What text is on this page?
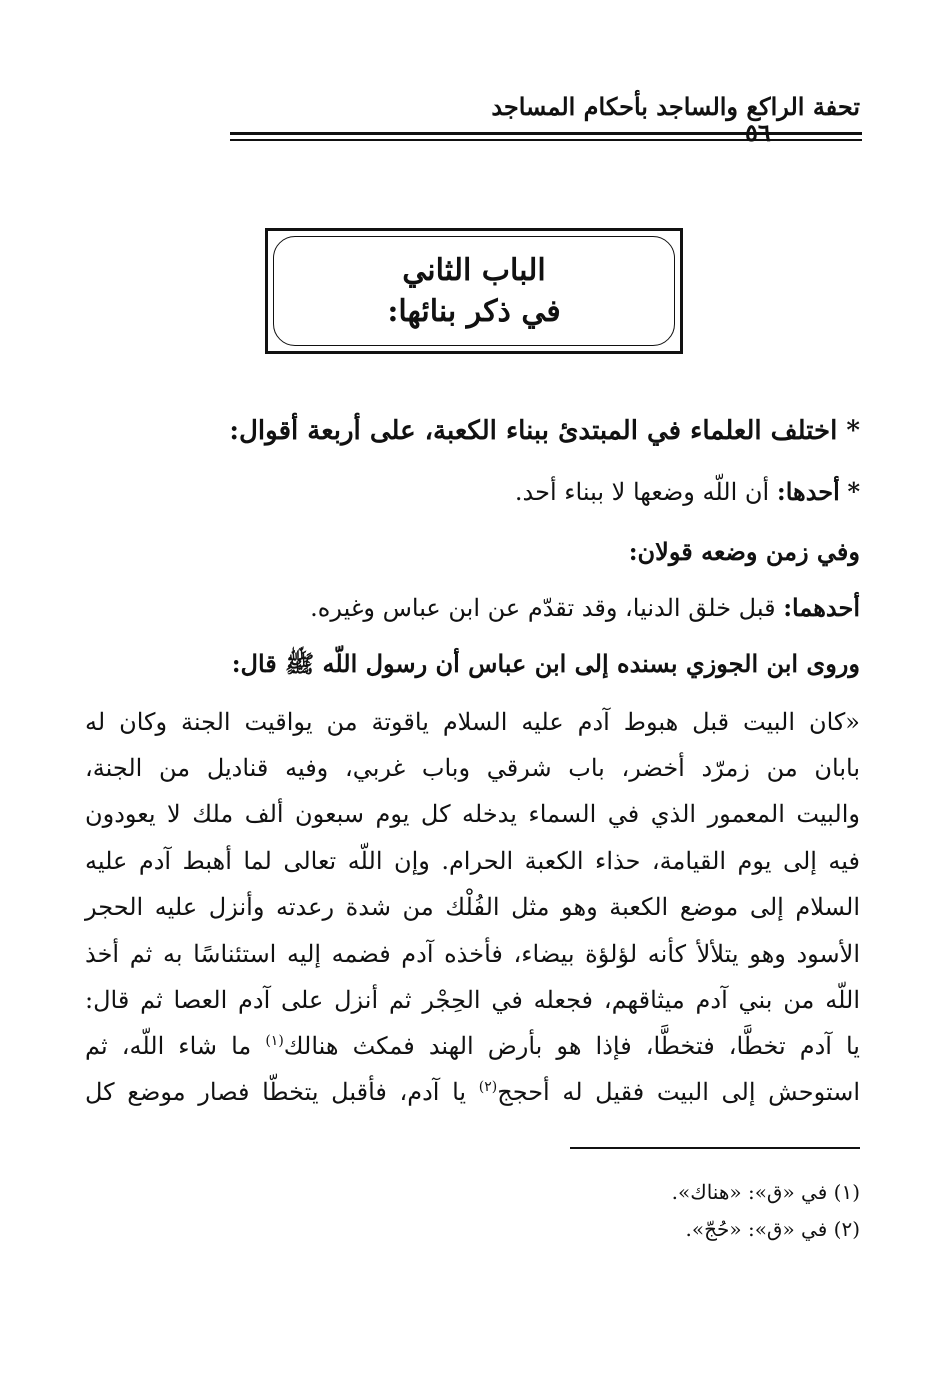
تحفة الراكع والساجد بأحكام المساجد
٥٦
الباب الثاني
في ذكر بنائها:
* اختلف العلماء في المبتدئ ببناء الكعبة، على أربعة أقوال:
* أحدها: أن اللّه وضعها لا ببناء أحد.
وفي زمن وضعه قولان:
أحدهما: قبل خلق الدنيا، وقد تقدّم عن ابن عباس وغيره.
وروى ابن الجوزي بسنده إلى ابن عباس أن رسول اللّه ﷺ قال:
«كان البيت قبل هبوط آدم عليه السلام ياقوتة من يواقيت الجنة وكان له
بابان من زمرّد أخضر، باب شرقي وباب غربي، وفيه قناديل من الجنة،
والبيت المعمور الذي في السماء يدخله كل يوم سبعون ألف ملك لا يعودون
فيه إلى يوم القيامة، حذاء الكعبة الحرام. وإن اللّه تعالى لما أهبط آدم عليه
السلام إلى موضع الكعبة وهو مثل الفُلْك من شدة رعدته وأنزل عليه الحجر
الأسود وهو يتلألأ كأنه لؤلؤة بيضاء، فأخذه آدم فضمه إليه استئناسًا به ثم أخذ
اللّه من بني آدم ميثاقهم، فجعله في الحِجْر ثم أنزل على آدم العصا ثم قال:
يا آدم تخطَّا، فتخطَّا، فإذا هو بأرض الهند فمكث هنالك$^{(١)}$ ما شاء اللّه، ثم
استوحش إلى البيت فقيل له أحجج$^{(٢)}$ يا آدم، فأقبل يتخطّا فصار موضع كل
(١) في «ق»: «هناك».
(٢) في «ق»: «حُجّ».
